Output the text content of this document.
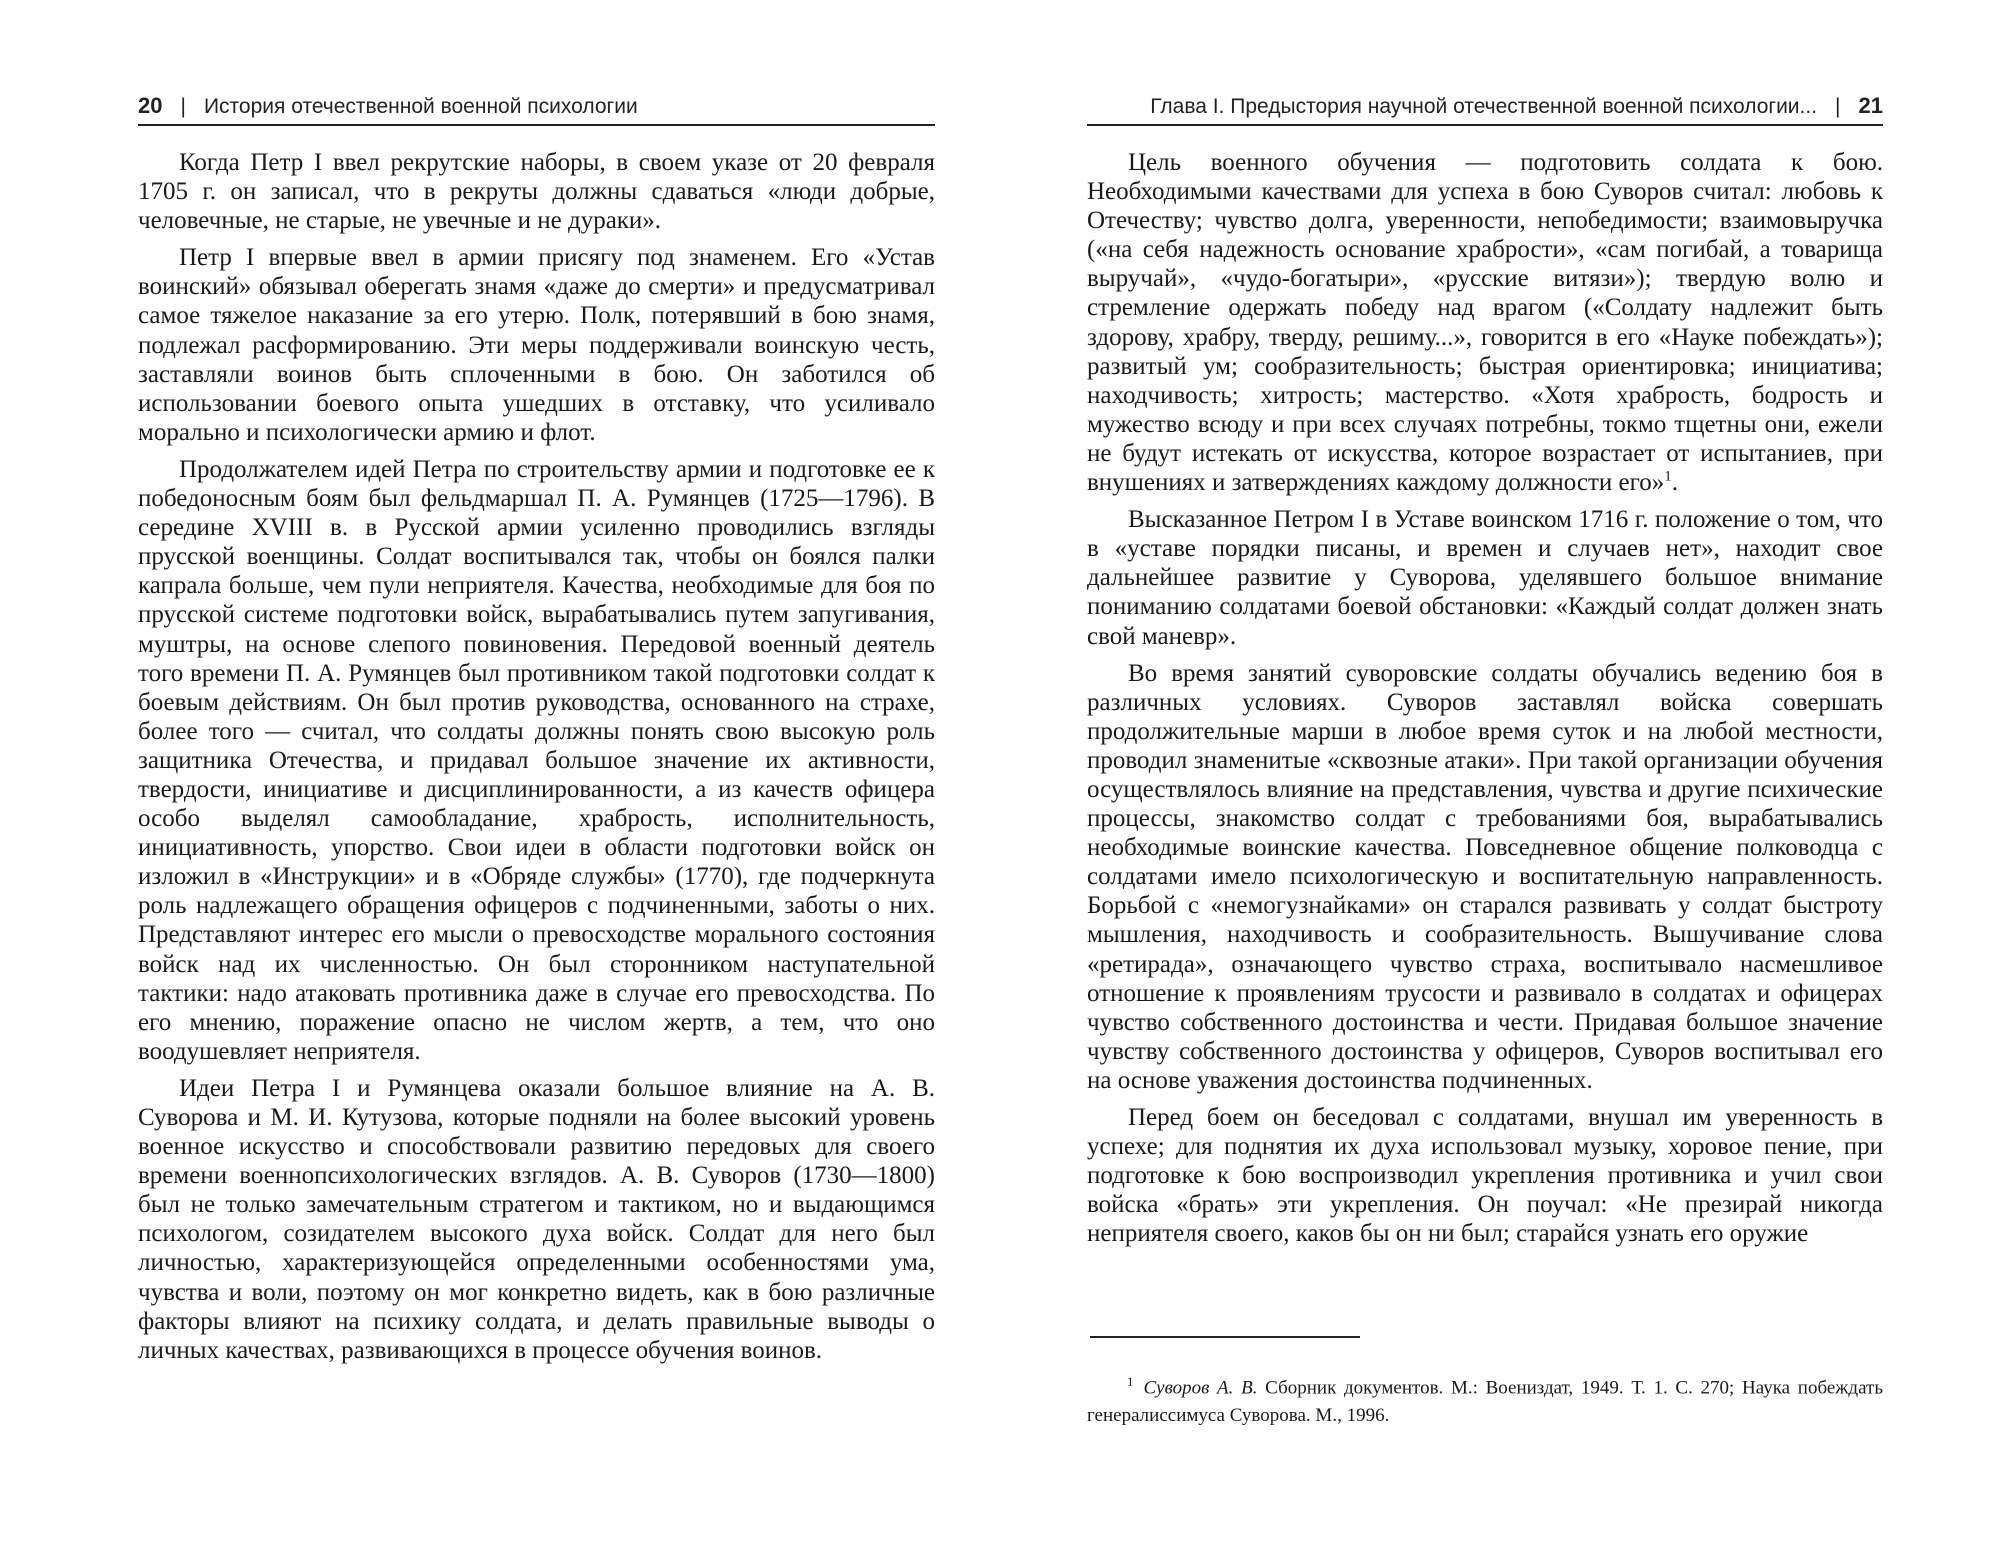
20 | История отечественной военной психологии

Когда Петр I ввел рекрутские наборы, в своем указе от 20 февраля 1705 г. он записал, что в рекруты должны сдаваться «люди добрые, человечные, не старые, не увечные и не дураки».

Петр I впервые ввел в армии присягу под знаменем. Его «Устав воинский» обязывал оберегать знамя «даже до смерти» и предусматривал самое тяжелое наказание за его утерю. Полк, потерявший в бою знамя, подлежал расформированию. Эти меры поддерживали воинскую честь, заставляли воинов быть сплоченными в бою. Он заботился об использовании боевого опыта ушедших в отставку, что усиливало морально и психологически армию и флот.

Продолжателем идей Петра по строительству армии и подготовке ее к победоносным боям был фельдмаршал П. А. Румянцев (1725—1796). В середине XVIII в. в Русской армии усиленно проводились взгляды прусской военщины. Солдат воспитывался так, чтобы он боялся палки капрала больше, чем пули неприятеля. Качества, необходимые для боя по прусской системе подготовки войск, вырабатывались путем запугивания, муштры, на основе слепого повиновения. Передовой военный деятель того времени П. А. Румянцев был противником такой подготовки солдат к боевым действиям. Он был против руководства, основанного на страхе, более того — считал, что солдаты должны понять свою высокую роль защитника Отечества, и придавал большое значение их активности, твердости, инициативе и дисциплинированности, а из качеств офицера особо выделял самообладание, храбрость, исполнительность, инициативность, упорство. Свои идеи в области подготовки войск он изложил в «Инструкции» и в «Обряде службы» (1770), где подчеркнута роль надлежащего обращения офицеров с подчиненными, заботы о них. Представляют интерес его мысли о превосходстве морального состояния войск над их численностью. Он был сторонником наступательной тактики: надо атаковать противника даже в случае его превосходства. По его мнению, поражение опасно не числом жертв, а тем, что оно воодушевляет неприятеля.

Идеи Петра I и Румянцева оказали большое влияние на А. В. Суворова и М. И. Кутузова, которые подняли на более высокий уровень военное искусство и способствовали развитию передовых для своего времени военнопсихологических взглядов. А. В. Суворов (1730—1800) был не только замечательным стратегом и тактиком, но и выдающимся психологом, созидателем высокого духа войск. Солдат для него был личностью, характеризующейся определенными особенностями ума, чувства и воли, поэтому он мог конкретно видеть, как в бою различные факторы влияют на психику солдата, и делать правильные выводы о личных качествах, развивающихся в процессе обучения воинов.

Глава I. Предыстория научной отечественной военной психологии... | 21

Цель военного обучения — подготовить солдата к бою. Необходимыми качествами для успеха в бою Суворов считал: любовь к Отечеству; чувство долга, уверенности, непобедимости; взаимовыручка («на себя надежность основание храбрости», «сам погибай, а товарища выручай», «чудо-богатыри», «русские витязи»); твердую волю и стремление одержать победу над врагом («Солдату надлежит быть здорову, храбру, тверду, решиму...», говорится в его «Науке побеждать»); развитый ум; сообразительность; быстрая ориентировка; инициатива; находчивость; хитрость; мастерство. «Хотя храбрость, бодрость и мужество всюду и при всех случаях потребны, токмо тщетны они, ежели не будут истекать от искусства, которое возрастает от испытаниев, при внушениях и затверждениях каждому должности его»$^1$.

Высказанное Петром I в Уставе воинском 1716 г. положение о том, что в «уставе порядки писаны, и времен и случаев нет», находит свое дальнейшее развитие у Суворова, уделявшего большое внимание пониманию солдатами боевой обстановки: «Каждый солдат должен знать свой маневр».

Во время занятий суворовские солдаты обучались ведению боя в различных условиях. Суворов заставлял войска совершать продолжительные марши в любое время суток и на любой местности, проводил знаменитые «сквозные атаки». При такой организации обучения осуществлялось влияние на представления, чувства и другие психические процессы, знакомство солдат с требованиями боя, вырабатывались необходимые воинские качества. Повседневное общение полководца с солдатами имело психологическую и воспитательную направленность. Борьбой с «немогузнайками» он старался развивать у солдат быстроту мышления, находчивость и сообразительность. Вышучивание слова «ретирада», означающего чувство страха, воспитывало насмешливое отношение к проявлениям трусости и развивало в солдатах и офицерах чувство собственного достоинства и чести. Придавая большое значение чувству собственного достоинства у офицеров, Суворов воспитывал его на основе уважения достоинства подчиненных.

Перед боем он беседовал с солдатами, внушал им уверенность в успехе; для поднятия их духа использовал музыку, хоровое пение, при подготовке к бою воспроизводил укрепления противника и учил свои войска «брать» эти укрепления. Он поучал: «Не презирай никогда неприятеля своего, каков бы он ни был; старайся узнать его оружие

$^1$ Суворов А. В. Сборник документов. М.: Воениздат, 1949. Т. 1. С. 270; Наука побеждать генералиссимуса Суворова. М., 1996.
